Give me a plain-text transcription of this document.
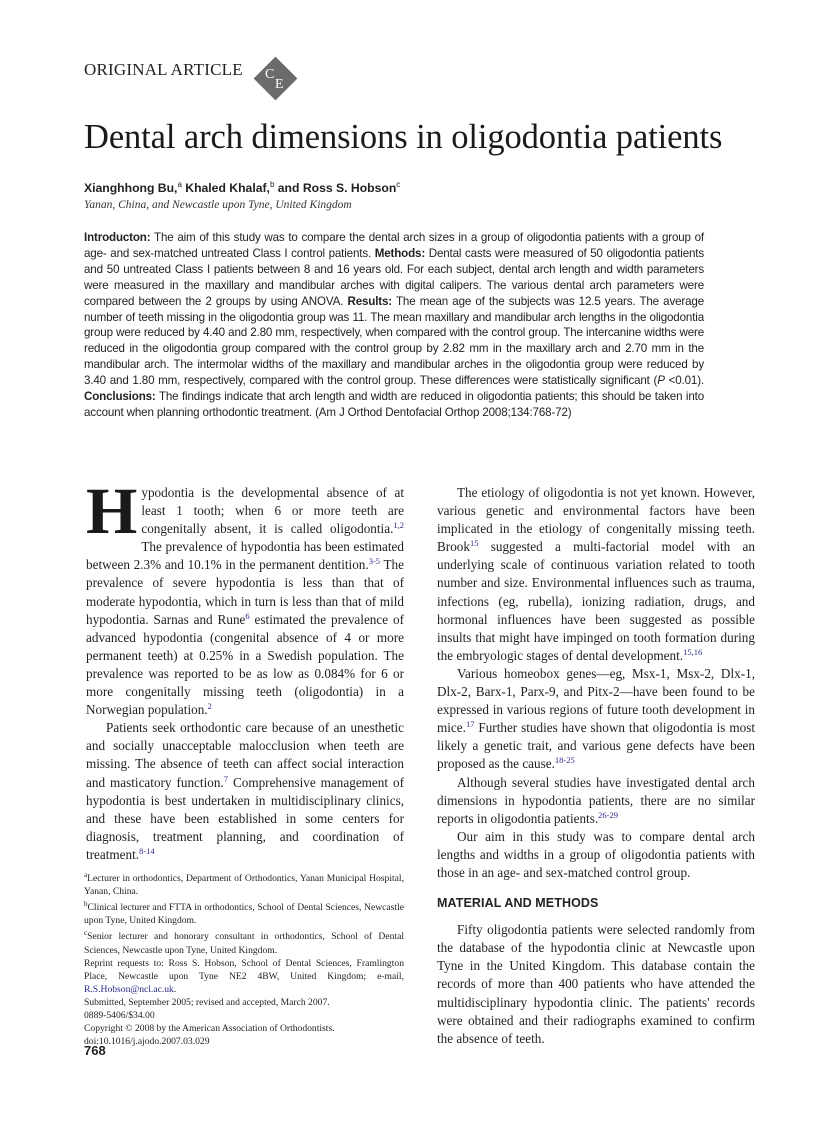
ORIGINAL ARTICLE C
E
Dental arch dimensions in oligodontia patients
Xianghhong Bu,$^a$ Khaled Khalaf,$^b$ and Ross S. Hobson$^c$
Yanan, China, and Newcastle upon Tyne, United Kingdom
Introducton: The aim of this study was to compare the dental arch sizes in a group of oligodontia patients with a group of age- and sex-matched untreated Class I control patients. Methods: Dental casts were measured of 50 oligodontia patients and 50 untreated Class I patients between 8 and 16 years old. For each subject, dental arch length and width parameters were measured in the maxillary and mandibular arches with digital calipers. The various dental arch parameters were compared between the 2 groups by using ANOVA. Results: The mean age of the subjects was 12.5 years. The average number of teeth missing in the oligodontia group was 11. The mean maxillary and mandibular arch lengths in the oligodontia group were reduced by 4.40 and 2.80 mm, respectively, when compared with the control group. The intercanine widths were reduced in the oligodontia group compared with the control group by 2.82 mm in the maxillary arch and 2.70 mm in the mandibular arch. The intermolar widths of the maxillary and mandibular arches in the oligodontia group were reduced by 3.40 and 1.80 mm, respectively, compared with the control group. These differences were statistically significant (P <0.01). Conclusions: The findings indicate that arch length and width are reduced in oligodontia patients; this should be taken into account when planning orthodontic treatment. (Am J Orthod Dentofacial Orthop 2008;134:768-72)

Hypodontia is the developmental absence of at least 1 tooth; when 6 or more teeth are congenitally absent, it is called oligodontia.$^{1,2}$ The prevalence of hypodontia has been estimated between 2.3% and 10.1% in the permanent dentition.$^{3-5}$ The prevalence of severe hypodontia is less than that of moderate hypodontia, which in turn is less than that of mild hypodontia. Sarnas and Rune$^6$ estimated the prevalence of advanced hypodontia (congenital absence of 4 or more permanent teeth) at 0.25% in a Swedish population. The prevalence was reported to be as low as 0.084% for 6 or more congenitally missing teeth (oligodontia) in a Norwegian population.$^2$

Patients seek orthodontic care because of an unesthetic and socially unacceptable malocclusion when teeth are missing. The absence of teeth can affect social interaction and masticatory function.$^7$ Comprehensive management of hypodontia is best undertaken in multidisciplinary clinics, and these have been established in some centers for diagnosis, treatment planning, and coordination of treatment.$^{8-14}$

The etiology of oligodontia is not yet known. However, various genetic and environmental factors have been implicated in the etiology of congenitally missing teeth. Brook$^{15}$ suggested a multi-factorial model with an underlying scale of continuous variation related to tooth number and size. Environmental influences such as trauma, infections (eg, rubella), ionizing radiation, drugs, and hormonal influences have been suggested as possible insults that might have impinged on tooth formation during the embryologic stages of dental development.$^{15,16}$

Various homeobox genes—eg, Msx-1, Msx-2, Dlx-1, Dlx-2, Barx-1, Parx-9, and Pitx-2—have been found to be expressed in various regions of future tooth development in mice.$^{17}$ Further studies have shown that oligodontia is most likely a genetic trait, and various gene defects have been proposed as the cause.$^{18-25}$

Although several studies have investigated dental arch dimensions in hypodontia patients, there are no similar reports in oligodontia patients.$^{26-29}$

Our aim in this study was to compare dental arch lengths and widths in a group of oligodontia patients with those in an age- and sex-matched control group.

MATERIAL AND METHODS

Fifty oligodontia patients were selected randomly from the database of the hypodontia clinic at Newcastle upon Tyne in the United Kingdom. This database contain the records of more than 400 patients who have attended the multidisciplinary hypodontia clinic. The patients' records were obtained and their radiographs examined to confirm the absence of teeth.

$^a$Lecturer in orthodontics, Department of Orthodontics, Yanan Municipal Hospital, Yanan, China.

$^b$Clinical lecturer and FTTA in orthodontics, School of Dental Sciences, Newcastle upon Tyne, United Kingdom.

$^c$Senior lecturer and honorary consultant in orthodontics, School of Dental Sciences, Newcastle upon Tyne, United Kingdom.

Reprint requests to: Ross S. Hobson, School of Dental Sciences, Framlington Place, Newcastle upon Tyne NE2 4BW, United Kingdom; e-mail, R.S.Hobson@ncl.ac.uk.

Submitted, September 2005; revised and accepted, March 2007.

0889-5406/$34.00

Copyright © 2008 by the American Association of Orthodontists.

doi:10.1016/j.ajodo.2007.03.029

768
